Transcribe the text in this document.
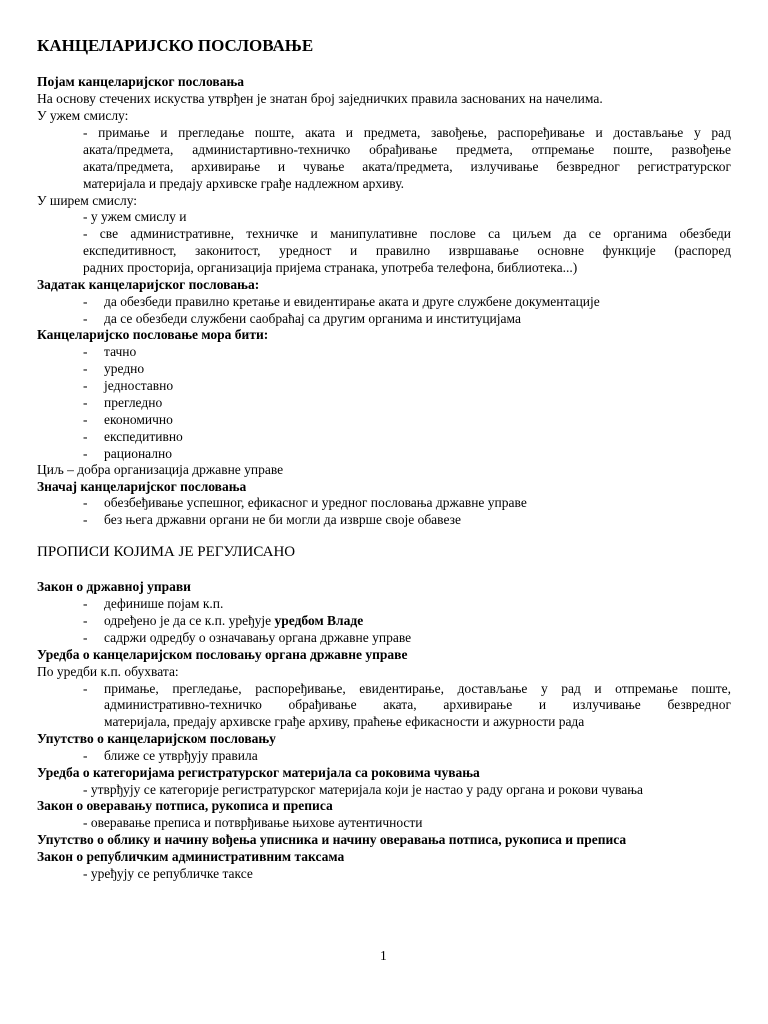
КАНЦЕЛАРИЈСКО ПОСЛОВАЊЕ
Појам канцеларијског пословања
На основу стечених искуства утврђен је знатан број заједничких правила заснованих на начелима.
У ужем смислу:
- примање и прегледање поште, аката и предмета, завођење, распоређивање и достављање у рад
аката/предмета, администартивно-техничко обрађивање предмета, отпремање поште, развођење
аката/предмета, архивирање и чување аката/предмета, излучивање безвредног регистратурског
материјала и предају архивске грађе надлежном архиву.
У ширем смислу:
- у ужем смислу и
- све административне, техничке и манипулативне послове са циљем да се органима обезбеди
експедитивност, законитост, уредност и правилно извршавање основне функције (распоред
радних просторија, организација пријема странака, употреба телефона, библиотека...)
Задатак канцеларијског пословања:
- да обезбеди правилно кретање и евидентирање аката и друге службене документације
- да се обезбеди службени саобраћај са другим органима и институцијама
Канцеларијско пословање мора бити:
- тачно
- уредно
- једноставно
- прегледно
- економично
- експедитивно
- рационално
Циљ – добра организација државне управе
Значај канцеларијског пословања
- обезбеђивање успешног, ефикасног и уредног пословања државне управе
- без њега државни органи не би могли да изврше своје обавезе
ПРОПИСИ КОЈИМА ЈЕ РЕГУЛИСАНО
Закон о државној управи
- дефинише појам к.п.
- одређено је да се к.п. уређује уредбом Владе
- садржи одредбу о означавању органа државне управе
Уредба о канцеларијском пословању органа државне управе
По уредби к.п. обухвата:
- примање, прегледање, распоређивање, евидентирање, достављање у рад и отпремање поште,
административно-техничко обрађивање аката, архивирање и излучивање безвредног
материјала, предају архивске грађе архиву, праћење ефикасности и ажурности рада
Упутство о канцеларијском пословању
- ближе се утврђују правила
Уредба о категоријама регистратурског материјала са роковима чувања
- утврђују се категорије регистратурског материјала који је настао у раду органа и рокови чувања
Закон о оверавању потписа, рукописа и преписа
- оверавање преписа и потврђивање њихове аутентичности
Упутство о облику и начину вођења уписника и начину оверавања потписа, рукописа и преписа
Закон о републичким административним таксама
- уређују се републичке таксе
1
